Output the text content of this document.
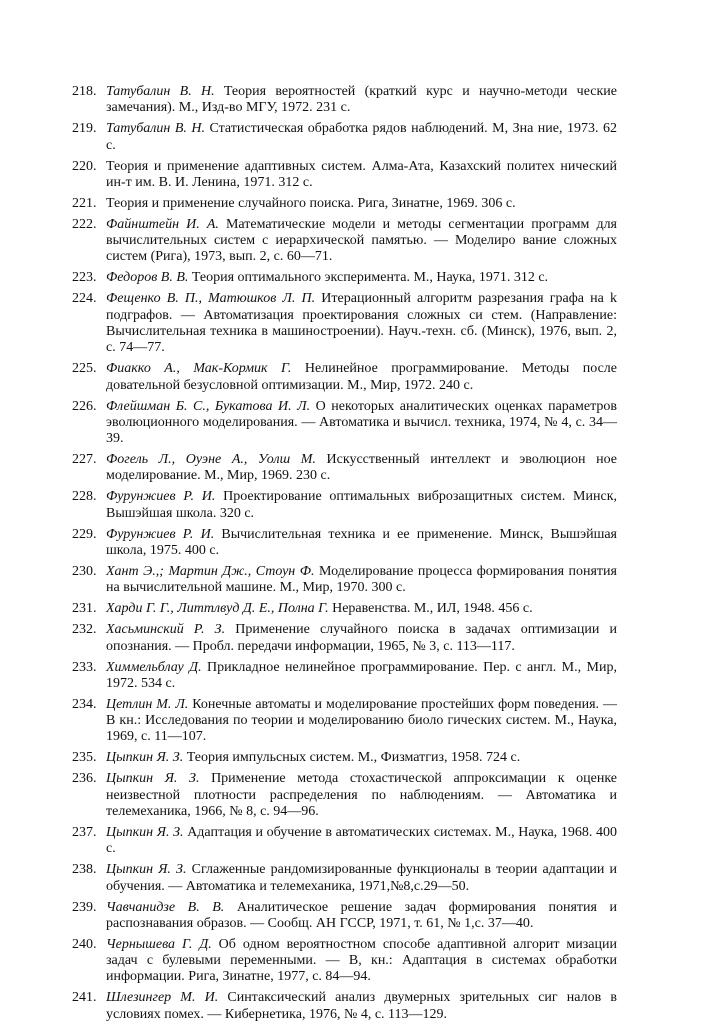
218. Татубалин В. Н. Теория вероятностей (краткий курс и научно-методи ческие замечания). М., Изд-во МГУ, 1972. 231 с.
219. Татубалин В. Н. Статистическая обработка рядов наблюдений. М, Зна ние, 1973. 62 с.
220. Теория и применение адаптивных систем. Алма-Ата, Казахский политех нический ин-т им. В. И. Ленина, 1971. 312 с.
221. Теория и применение случайного поиска. Рига, Зинатне, 1969. 306 с.
222. Файнштейн И. А. Математические модели и методы сегментации программ для вычислительных систем с иерархической памятью. — Моделиро вание сложных систем (Рига), 1973, вып. 2, с. 60—71.
223. Федоров В. В. Теория оптимального эксперимента. М., Наука, 1971. 312 с.
224. Фещенко В. П., Матюшков Л. П. Итерационный алгоритм разрезания графа на k подграфов. — Автоматизация проектирования сложных си стем. (Направление: Вычислительная техника в машиностроении). Науч.-техн. сб. (Минск), 1976, вып. 2, с. 74—77.
225. Фиакко А., Мак-Кормик Г. Нелинейное программирование. Методы после довательной безусловной оптимизации. М., Мир, 1972. 240 с.
226. Флейшман Б. С., Букатова И. Л. О некоторых аналитических оценках параметров эволюционного моделирования. — Автоматика и вычисл. техника, 1974, № 4, с. 34—39.
227. Фогель Л., Оуэне А., Уолш М. Искусственный интеллект и эволюцион ное моделирование. М., Мир, 1969. 230 с.
228. Фурунжиев Р. И. Проектирование оптимальных виброзащитных систем. Минск, Вышэйшая школа. 320 с.
229. Фурунжиев Р. И. Вычислительная техника и ее применение. Минск, Вышэйшая школа, 1975. 400 с.
230. Хант Э.,; Мартин Дж., Стоун Ф. Моделирование процесса формирования понятия на вычислительной машине. М., Мир, 1970. 300 с.
231. Харди Г. Г., Литтлвуд Д. Е., Полна Г. Неравенства. М., ИЛ, 1948. 456 с.
232. Хасьминский Р. З. Применение случайного поиска в задачах оптимизации и опознания. — Пробл. передачи информации, 1965, № 3, с. 113—117.
233. Химмельблау Д. Прикладное нелинейное программирование. Пер. с англ. М., Мир, 1972. 534 с.
234. Цетлин М. Л. Конечные автоматы и моделирование простейших форм поведения. — В кн.: Исследования по теории и моделированию биоло гических систем. М., Наука, 1969, с. 11—107.
235. Цыпкин Я. З. Теория импульсных систем. М., Физматгиз, 1958. 724 с.
236. Цыпкин Я. З. Применение метода стохастической аппроксимации к оценке неизвестной плотности распределения по наблюдениям. — Автоматика и телемеханика, 1966, № 8, с. 94—96.
237. Цыпкин Я. З. Адаптация и обучение в автоматических системах. М., Наука, 1968. 400 с.
238. Цыпкин Я. З. Сглаженные рандомизированные функционалы в теории адаптации и обучения. — Автоматика и телемеханика, 1971,№8,с.29—50.
239. Чавчанидзе В. В. Аналитическое решение задач формирования понятия и распознавания образов. — Сообщ. АН ГССР, 1971, т. 61, № 1,с. 37—40.
240. Чернышева Г. Д. Об одном вероятностном способе адаптивной алгорит мизации задач с булевыми переменными. — В, кн.: Адаптация в системах обработки информации. Рига, Зинатне, 1977, с. 84—94.
241. Шлезингер М. И. Синтаксический анализ двумерных зрительных сиг налов в условиях помех. — Кибернетика, 1976, № 4, с. 113—129.
